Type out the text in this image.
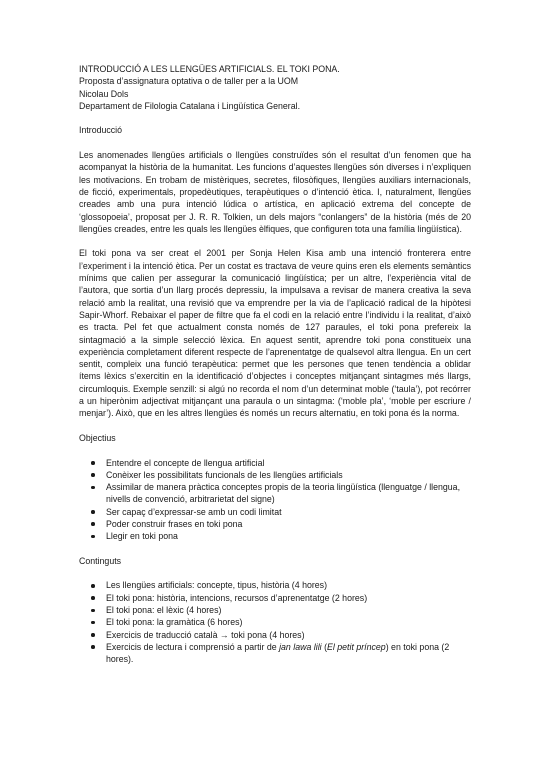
INTRODUCCIÓ A LES LLENGÜES ARTIFICIALS. EL TOKI PONA.

Proposta d’assignatura optativa o de taller per a la UOM

Nicolau Dols

Departament de Filologia Catalana i Lingüística General.

Introducció

Les anomenades llengües artificials o llengües construïdes són el resultat d’un fenomen que ha acompanyat la història de la humanitat. Les funcions d’aquestes llengües són diverses i n’expliquen les motivacions. En trobam de mistèriques, secretes, filosòfiques, llengües auxiliars internacionals, de ficció, experimentals, propedèutiques, terapèutiques o d’intenció ètica. I, naturalment, llengües creades amb una pura intenció lúdica o artística, en aplicació extrema del concepte de ‘glossopoeia’, proposat per J. R. R. Tolkien, un dels majors “conlangers” de la història (més de 20 llengües creades, entre les quals les llengües èlfiques, que configuren tota una família lingüística).

El toki pona va ser creat el 2001 per Sonja Helen Kisa amb una intenció fronterera entre l’experiment i la intenció ètica. Per un costat es tractava de veure quins eren els elements semàntics mínims que calien per assegurar la comunicació lingüística; per un altre, l’experiència vital de l’autora, que sortia d’un llarg procés depressiu, la impulsava a revisar de manera creativa la seva relació amb la realitat, una revisió que va emprendre per la via de l’aplicació radical de la hipòtesi Sapir-Whorf. Rebaixar el paper de filtre que fa el codi en la relació entre l’individu i la realitat, d’això es tracta. Pel fet que actualment consta només de 127 paraules, el toki pona prefereix la sintagmació a la simple selecció lèxica. En aquest sentit, aprendre toki pona constitueix una experiència completament diferent respecte de l’aprenentatge de qualsevol altra llengua. En un cert sentit, compleix una funció terapèutica: permet que les persones que tenen tendència a oblidar ítems lèxics s’exercitin en la identificació d’objectes i conceptes mitjançant sintagmes més llargs, circumloquis. Exemple senzill: si algú no recorda el nom d’un determinat moble (‘taula’), pot recórrer a un hiperònim adjectivat mitjançant una paraula o un sintagma: (‘moble pla’, ‘moble per escriure / menjar’). Això, que en les altres llengües és només un recurs alternatiu, en toki pona és la norma.

Objectius

Entendre el concepte de llengua artificial
Conèixer les possibilitats funcionals de les llengües artificials
Assimilar de manera pràctica conceptes propis de la teoria lingüística (llenguatge / llengua, nivells de convenció, arbitrarietat del signe)
Ser capaç d’expressar-se amb un codi limitat
Poder construir frases en toki pona
Llegir en toki pona

Continguts

Les llengües artificials: concepte, tipus, història (4 hores)
El toki pona: història, intencions, recursos d’aprenentatge (2 hores)
El toki pona: el lèxic (4 hores)
El toki pona: la gramàtica (6 hores)
Exercicis de traducció català → toki pona (4 hores)
Exercicis de lectura i comprensió a partir de jan lawa lili (El petit príncep) en toki pona (2 hores).
